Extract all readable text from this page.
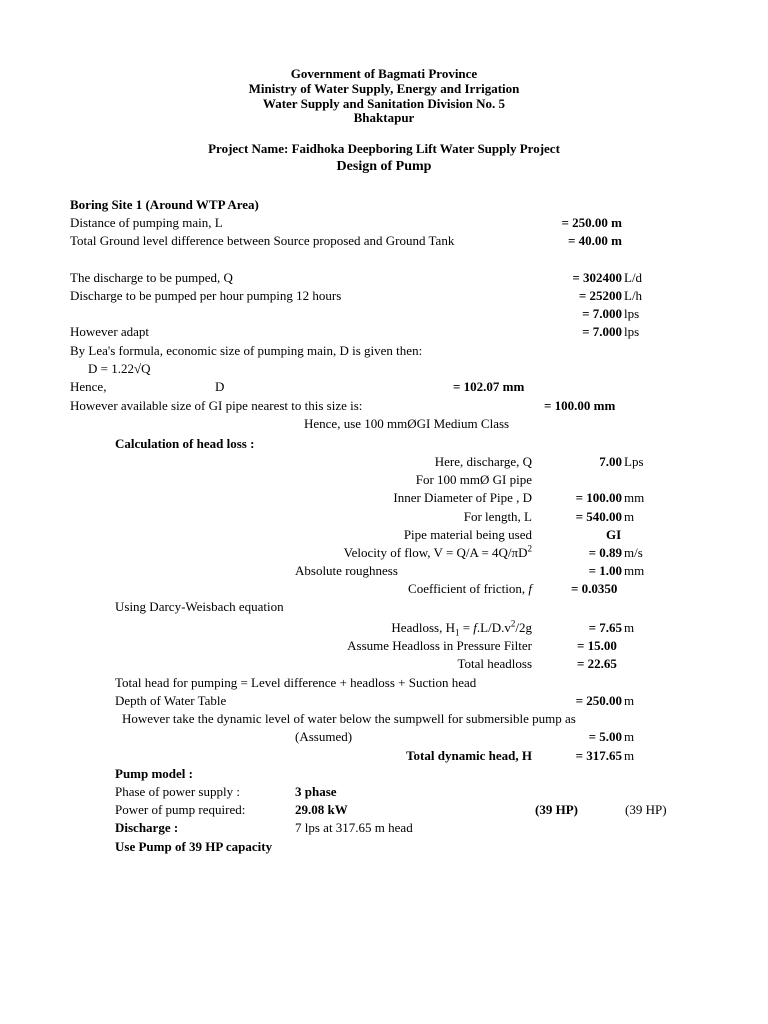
Government of Bagmati Province
Ministry of Water Supply, Energy and Irrigation
Water Supply and Sanitation Division No. 5
Bhaktapur
Project Name: Faidhoka Deepboring Lift Water Supply Project
Design of Pump
Boring Site 1 (Around WTP Area)
Distance of pumping main, L	= 250.00 m
Total Ground level difference between Source proposed and Ground Tank	= 40.00 m
The discharge to be pumped, Q	= 302400 L/d
Discharge to be pumped per hour pumping 12 hours	= 25200 L/h
= 7.000 lps
However adapt	= 7.000 lps
By Lea's formula, economic size of pumping main, D is given then:
D = 1.22√Q
Hence,	D	= 102.07 mm
However available size of GI pipe nearest to this size is:	= 100.00 mm
Hence, use 100 mmØGI Medium Class
Calculation of head loss :
Here, discharge, Q	7.00 Lps
For 100 mmØ GI pipe
Inner Diameter of Pipe , D	= 100.00 mm
For length, L	= 540.00 m
Pipe material being used	GI
Velocity of flow, $V = Q/A = 4Q/\pi D^2$	= 0.89 m/s
Absolute roughness	= 1.00 mm
Coefficient of friction, f	= 0.0350
Using Darcy-Weisbach equation
Headloss, $H_1 = f.L/D.v^2/2g$	= 7.65 m
Assume Headloss in Pressure Filter	= 15.00
Total headloss	= 22.65
Total head for pumping = Level difference + headloss + Suction head
Depth of Water Table	= 250.00 m
However take the dynamic level of water below the sumpwell for submersible pump as
(Assumed)	= 5.00 m
Total dynamic head, H	= 317.65 m
Pump model :
Phase of power supply :	3 phase
Power of pump required:	29.08 kW	(39 HP)	(39 HP)
Discharge :	7 lps at 317.65 m head
Use Pump of 39 HP capacity
